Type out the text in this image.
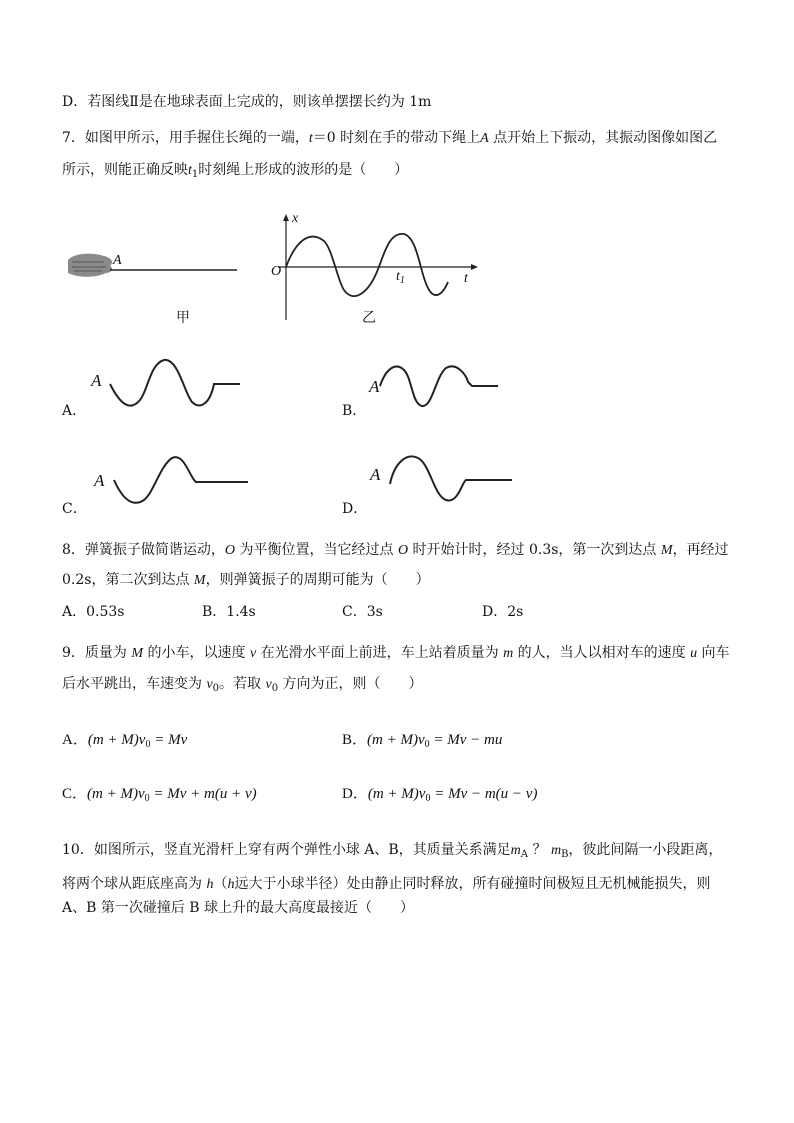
D．若图线Ⅱ是在地球表面上完成的，则该单摆摆长约为 1m
7．如图甲所示，用手握住长绳的一端，t＝0 时刻在手的带动下绳上A 点开始上下振动，其振动图像如图乙
所示，则能正确反映$t_1$时刻绳上形成的波形的是（　　）
A
甲
x
t
O	$t_1$
乙
A
A．
A
B．
A
C．
A
D．
8．弹簧振子做简谐运动，O 为平衡位置，当它经过点 O 时开始计时，经过 0.3s，第一次到达点 M，再经过
0.2s，第二次到达点 M，则弹簧振子的周期可能为（　　）
A．0.53s	B．1.4s	C．3s	D．2s
9．质量为 M 的小车，以速度 v 在光滑水平面上前进，车上站着质量为 m 的人，当人以相对车的速度 u 向车
后水平跳出，车速变为 $v_0$。若取 $v_0$ 方向为正，则（　　）
A．$(m + M)v_0 = Mv$	B．$(m + M)v_0 = Mv$ − mu
C．$(m + M)v_0 = Mv + m(u + v)$	D．$(m + M)v_0 = Mv - m(u - v)$
10．如图所示，竖直光滑杆上穿有两个弹性小球 A、B，其质量关系满足$m_A$ ？ $m_B$，彼此间隔一小段距离，
将两个球从距底座高为 h（h远大于小球半径）处由静止同时释放，所有碰撞时间极短且无机械能损失，则
A、B 第一次碰撞后 B 球上升的最大高度最接近（　　）
